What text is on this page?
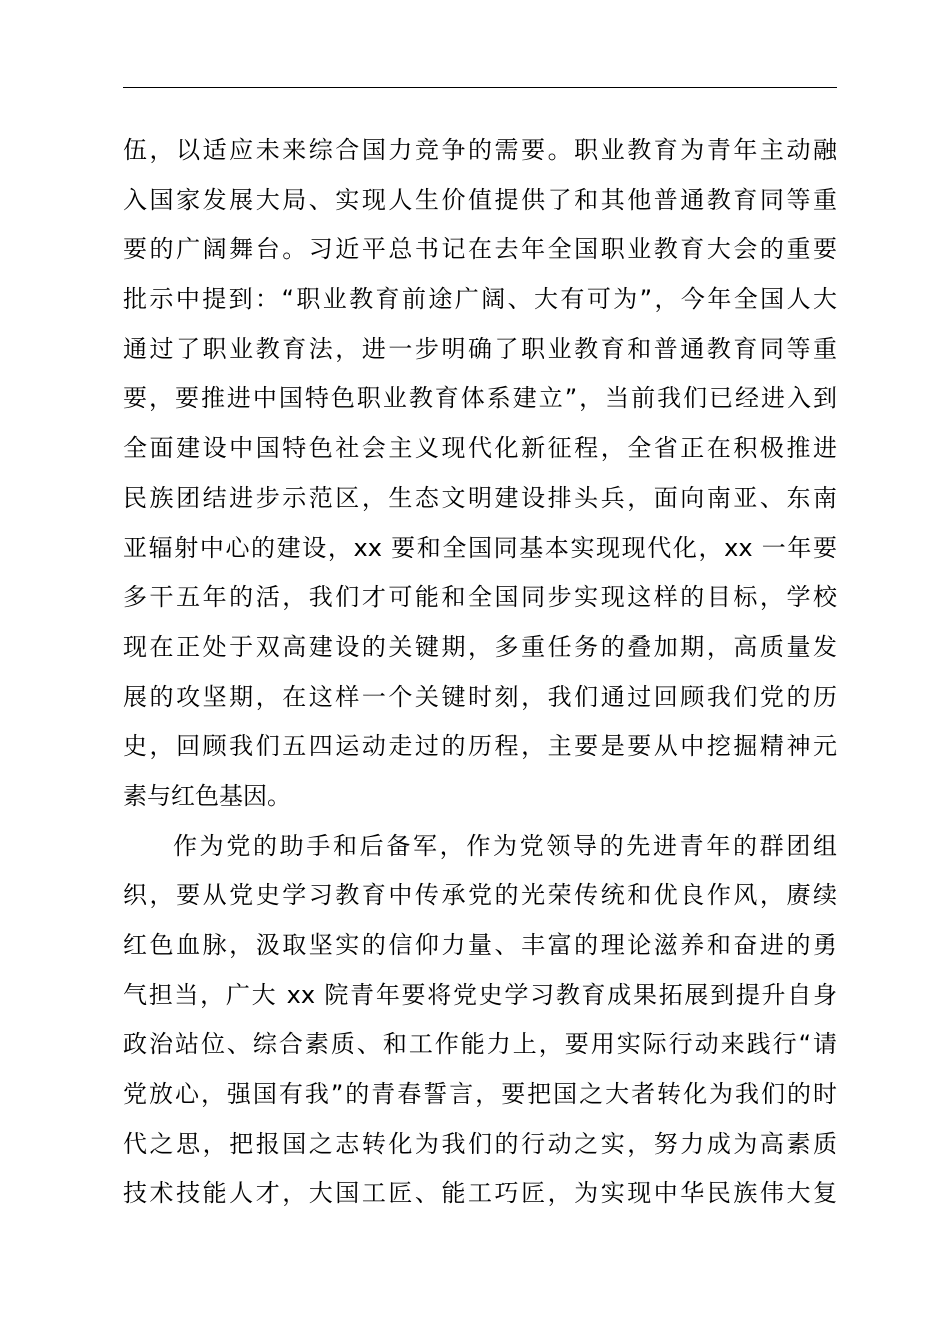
伍，以适应未来综合国力竞争的需要。职业教育为青年主动融
入国家发展大局、实现人生价值提供了和其他普通教育同等重
要的广阔舞台。习近平总书记在去年全国职业教育大会的重要
批示中提到：“职业教育前途广阔、大有可为”，今年全国人大
通过了职业教育法，进一步明确了职业教育和普通教育同等重
要，要推进中国特色职业教育体系建立”，当前我们已经进入到
全面建设中国特色社会主义现代化新征程，全省正在积极推进
民族团结进步示范区，生态文明建设排头兵，面向南亚、东南
亚辐射中心的建设，xx 要和全国同基本实现现代化，xx 一年要
多干五年的活，我们才可能和全国同步实现这样的目标，学校
现在正处于双高建设的关键期，多重任务的叠加期，高质量发
展的攻坚期，在这样一个关键时刻，我们通过回顾我们党的历
史，回顾我们五四运动走过的历程，主要是要从中挖掘精神元
素与红色基因。
作为党的助手和后备军，作为党领导的先进青年的群团组
织，要从党史学习教育中传承党的光荣传统和优良作风，赓续
红色血脉，汲取坚实的信仰力量、丰富的理论滋养和奋进的勇
气担当，广大 xx 院青年要将党史学习教育成果拓展到提升自身
政治站位、综合素质、和工作能力上，要用实际行动来践行“请
党放心，强国有我”的青春誓言，要把国之大者转化为我们的时
代之思，把报国之志转化为我们的行动之实，努力成为高素质
技术技能人才，大国工匠、能工巧匠，为实现中华民族伟大复
